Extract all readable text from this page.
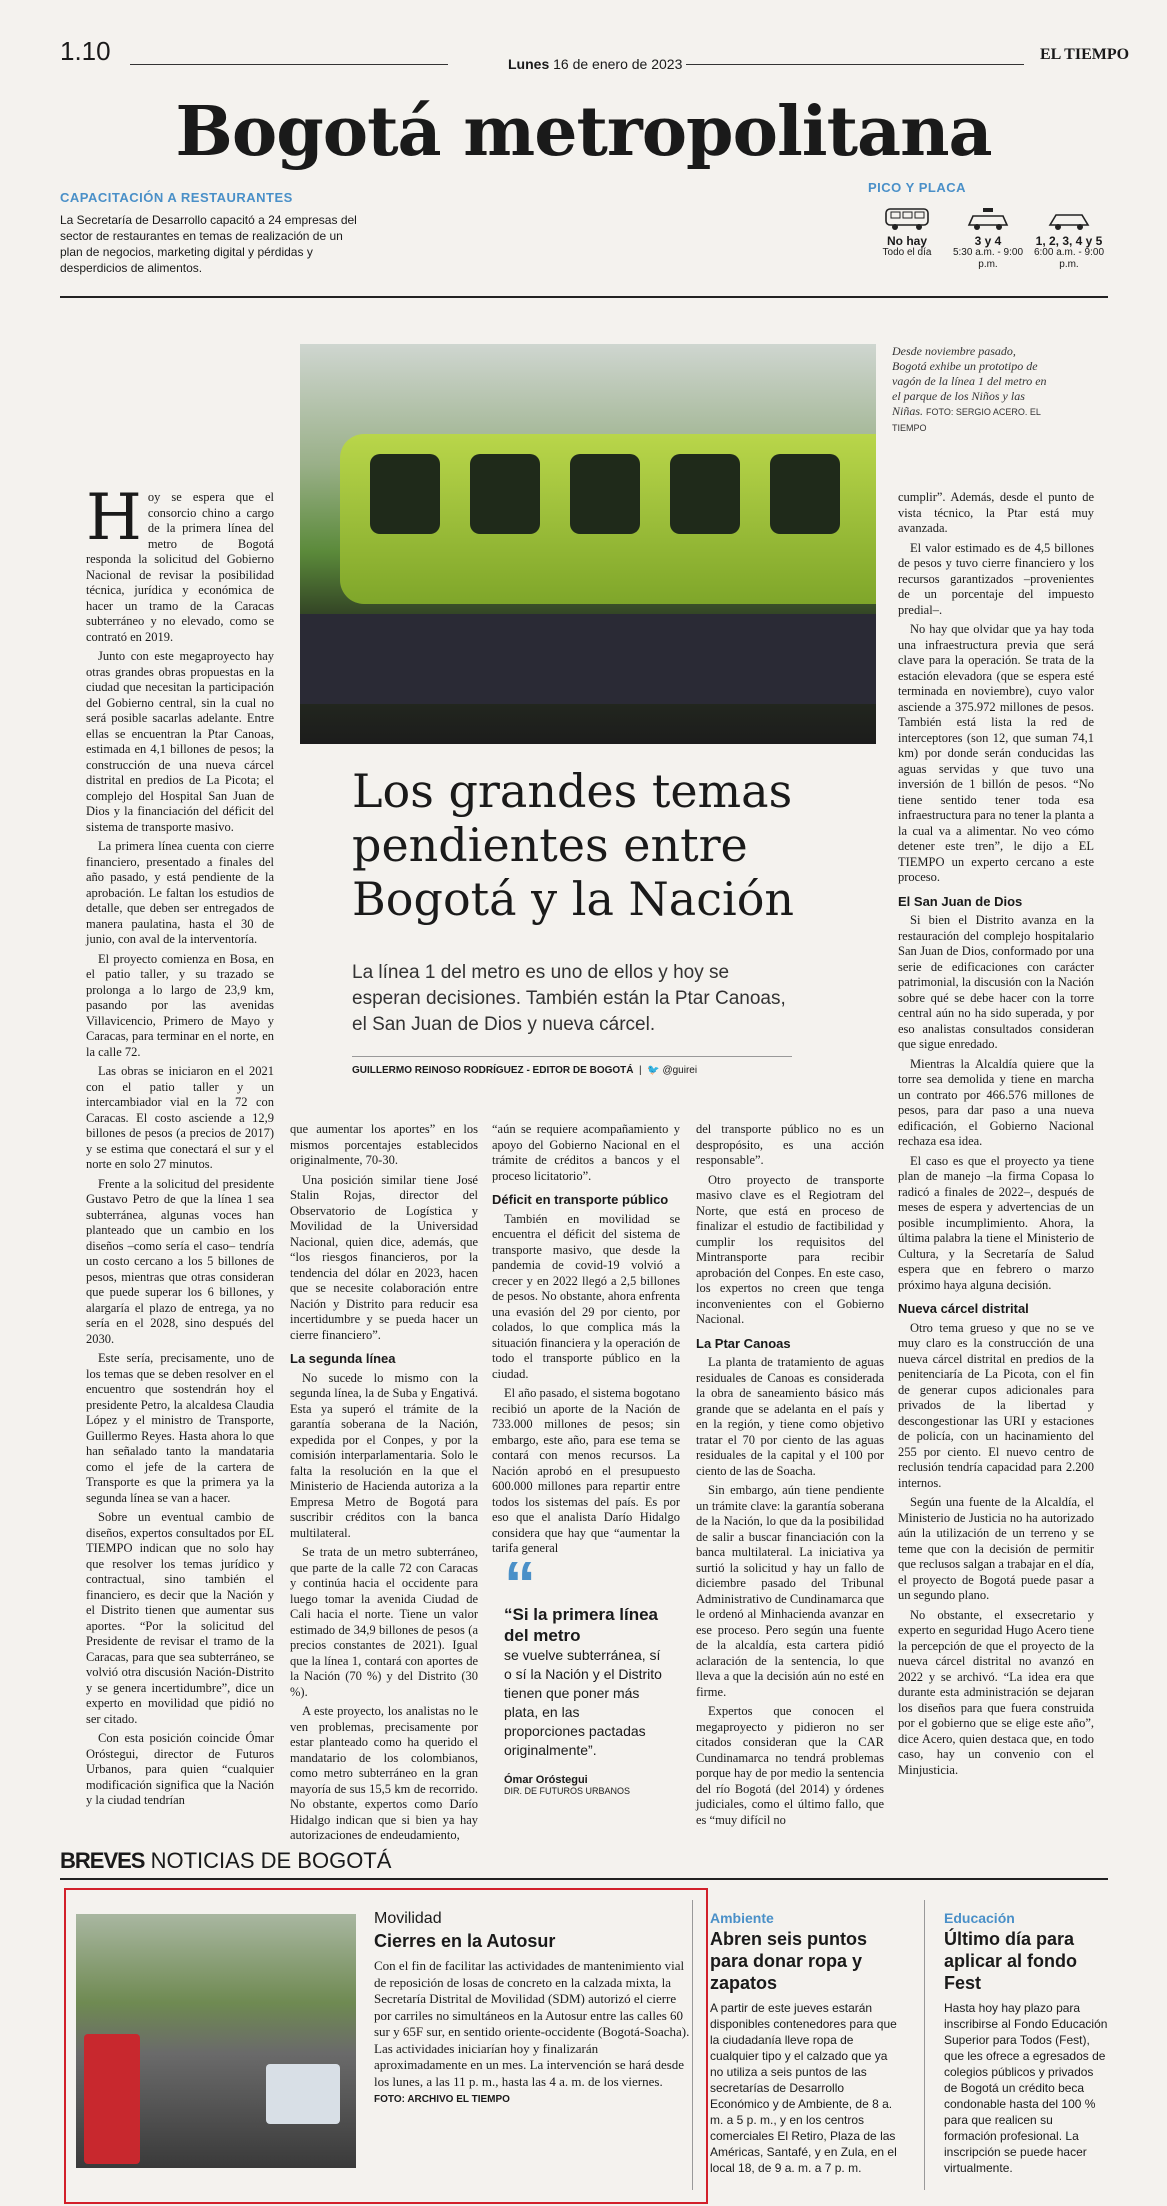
1.10	Lunes 16 de enero de 2023
EL TIEMPO
Bogotá metropolitana
CAPACITACIÓN A RESTAURANTES
La Secretaría de Desarrollo capacitó a 24 empresas del sector de restaurantes en temas de realización de un plan de negocios, marketing digital y pérdidas y desperdicios de alimentos.
PICO Y PLACA
No hay
Todo el día
3 y 4
5:30 a.m. - 9:00 p.m.
1, 2, 3, 4 y 5
6:00 a.m. - 9:00 p.m.
Desde noviembre pasado, Bogotá exhibe un prototipo de vagón de la línea 1 del metro en el parque de los Niños y las Niñas. FOTO: SERGIO ACERO. EL TIEMPO
Los grandes temas pendientes entre Bogotá y la Nación
La línea 1 del metro es uno de ellos y hoy se esperan decisiones. También están la Ptar Canoas, el San Juan de Dios y nueva cárcel.
GUILLERMO REINOSO RODRÍGUEZ - EDITOR DE BOGOTÁ  |  🐦 @guirei

Hoy se espera que el consorcio chino a cargo de la primera línea del metro de Bogotá responda la solicitud del Gobierno Nacional de revisar la posibilidad técnica, jurídica y económica de hacer un tramo de la Caracas subterráneo y no elevado, como se contrató en 2019.

Junto con este megaproyecto hay otras grandes obras propuestas en la ciudad que necesitan la participación del Gobierno central, sin la cual no será posible sacarlas adelante. Entre ellas se encuentran la Ptar Canoas, estimada en 4,1 billones de pesos; la construcción de una nueva cárcel distrital en predios de La Picota; el complejo del Hospital San Juan de Dios y la financiación del déficit del sistema de transporte masivo.

La primera línea cuenta con cierre financiero, presentado a finales del año pasado, y está pendiente de la aprobación. Le faltan los estudios de detalle, que deben ser entregados de manera paulatina, hasta el 30 de junio, con aval de la interventoría.

El proyecto comienza en Bosa, en el patio taller, y su trazado se prolonga a lo largo de 23,9 km, pasando por las avenidas Villavicencio, Primero de Mayo y Caracas, para terminar en el norte, en la calle 72.

Las obras se iniciaron en el 2021 con el patio taller y un intercambiador vial en la 72 con Caracas. El costo asciende a 12,9 billones de pesos (a precios de 2017) y se estima que conectará el sur y el norte en solo 27 minutos.

Frente a la solicitud del presidente Gustavo Petro de que la línea 1 sea subterránea, algunas voces han planteado que un cambio en los diseños –como sería el caso– tendría un costo cercano a los 5 billones de pesos, mientras que otras consideran que puede superar los 6 billones, y alargaría el plazo de entrega, ya no sería en el 2028, sino después del 2030.

Este sería, precisamente, uno de los temas que se deben resolver en el encuentro que sostendrán hoy el presidente Petro, la alcaldesa Claudia López y el ministro de Transporte, Guillermo Reyes. Hasta ahora lo que han señalado tanto la mandataria como el jefe de la cartera de Transporte es que la primera ya la segunda línea se van a hacer.

Sobre un eventual cambio de diseños, expertos consultados por EL TIEMPO indican que no solo hay que resolver los temas jurídico y contractual, sino también el financiero, es decir que la Nación y el Distrito tienen que aumentar sus aportes. “Por la solicitud del Presidente de revisar el tramo de la Caracas, para que sea subterráneo, se volvió otra discusión Nación-Distrito y se genera incertidumbre”, dice un experto en movilidad que pidió no ser citado.

Con esta posición coincide Ómar Oróstegui, director de Futuros Urbanos, para quien “cualquier modificación significa que la Nación y la ciudad tendrían

que aumentar los aportes” en los mismos porcentajes establecidos originalmente, 70-30.

Una posición similar tiene José Stalin Rojas, director del Observatorio de Logística y Movilidad de la Universidad Nacional, quien dice, además, que “los riesgos financieros, por la tendencia del dólar en 2023, hacen que se necesite colaboración entre Nación y Distrito para reducir esa incertidumbre y se pueda hacer un cierre financiero”.

La segunda línea

No sucede lo mismo con la segunda línea, la de Suba y Engativá. Esta ya superó el trámite de la garantía soberana de la Nación, expedida por el Conpes, y por la comisión interparlamentaria. Solo le falta la resolución en la que el Ministerio de Hacienda autoriza a la Empresa Metro de Bogotá para suscribir créditos con la banca multilateral.

Se trata de un metro subterráneo, que parte de la calle 72 con Caracas y continúa hacia el occidente para luego tomar la avenida Ciudad de Cali hacia el norte. Tiene un valor estimado de 34,9 billones de pesos (a precios constantes de 2021). Igual que la línea 1, contará con aportes de la Nación (70 %) y del Distrito (30 %).

A este proyecto, los analistas no le ven problemas, precisamente por estar planteado como ha querido el mandatario de los colombianos, como metro subterráneo en la gran mayoría de sus 15,5 km de recorrido. No obstante, expertos como Darío Hidalgo indican que si bien ya hay autorizaciones de endeudamiento,

“aún se requiere acompañamiento y apoyo del Gobierno Nacional en el trámite de créditos a bancos y el proceso licitatorio”.

Déficit en transporte público

También en movilidad se encuentra el déficit del sistema de transporte masivo, que desde la pandemia de covid-19 volvió a crecer y en 2022 llegó a 2,5 billones de pesos. No obstante, ahora enfrenta una evasión del 29 por ciento, por colados, lo que complica más la situación financiera y la operación de todo el transporte público en la ciudad.

El año pasado, el sistema bogotano recibió un aporte de la Nación de 733.000 millones de pesos; sin embargo, este año, para ese tema se contará con menos recursos. La Nación aprobó en el presupuesto 600.000 millones para repartir entre todos los sistemas del país. Es por eso que el analista Darío Hidalgo considera que hay que “aumentar la tarifa general

“
“Si la primera línea del metro
se vuelve subterránea, sí o sí la Nación y el Distrito tienen que poner más plata, en las proporciones pactadas originalmente”.
Ómar Oróstegui
DIR. DE FUTUROS URBANOS

del transporte público no es un despropósito, es una acción responsable”.

Otro proyecto de transporte masivo clave es el Regiotram del Norte, que está en proceso de finalizar el estudio de factibilidad y cumplir los requisitos del Mintransporte para recibir aprobación del Conpes. En este caso, los expertos no creen que tenga inconvenientes con el Gobierno Nacional.

La Ptar Canoas

La planta de tratamiento de aguas residuales de Canoas es considerada la obra de saneamiento básico más grande que se adelanta en el país y en la región, y tiene como objetivo tratar el 70 por ciento de las aguas residuales de la capital y el 100 por ciento de las de Soacha.

Sin embargo, aún tiene pendiente un trámite clave: la garantía soberana de la Nación, lo que da la posibilidad de salir a buscar financiación con la banca multilateral. La iniciativa ya surtió la solicitud y hay un fallo de diciembre pasado del Tribunal Administrativo de Cundinamarca que le ordenó al Minhacienda avanzar en ese proceso. Pero según una fuente de la alcaldía, esta cartera pidió aclaración de la sentencia, lo que lleva a que la decisión aún no esté en firme.

Expertos que conocen el megaproyecto y pidieron no ser citados consideran que la CAR Cundinamarca no tendrá problemas porque hay de por medio la sentencia del río Bogotá (del 2014) y órdenes judiciales, como el último fallo, que es “muy difícil no

cumplir”. Además, desde el punto de vista técnico, la Ptar está muy avanzada.

El valor estimado es de 4,5 billones de pesos y tuvo cierre financiero y los recursos garantizados –provenientes de un porcentaje del impuesto predial–.

No hay que olvidar que ya hay toda una infraestructura previa que será clave para la operación. Se trata de la estación elevadora (que se espera esté terminada en noviembre), cuyo valor asciende a 375.972 millones de pesos. También está lista la red de interceptores (son 12, que suman 74,1 km) por donde serán conducidas las aguas servidas y que tuvo una inversión de 1 billón de pesos. “No tiene sentido tener toda esa infraestructura para no tener la planta a la cual va a alimentar. No veo cómo detener este tren”, le dijo a EL TIEMPO un experto cercano a este proceso.

El San Juan de Dios

Si bien el Distrito avanza en la restauración del complejo hospitalario San Juan de Dios, conformado por una serie de edificaciones con carácter patrimonial, la discusión con la Nación sobre qué se debe hacer con la torre central aún no ha sido superada, y por eso analistas consultados consideran que sigue enredado.

Mientras la Alcaldía quiere que la torre sea demolida y tiene en marcha un contrato por 466.576 millones de pesos, para dar paso a una nueva edificación, el Gobierno Nacional rechaza esa idea.

El caso es que el proyecto ya tiene plan de manejo –la firma Copasa lo radicó a finales de 2022–, después de meses de espera y advertencias de un posible incumplimiento. Ahora, la última palabra la tiene el Ministerio de Cultura, y la Secretaría de Salud espera que en febrero o marzo próximo haya alguna decisión.

Nueva cárcel distrital

Otro tema grueso y que no se ve muy claro es la construcción de una nueva cárcel distrital en predios de la penitenciaría de La Picota, con el fin de generar cupos adicionales para privados de la libertad y descongestionar las URI y estaciones de policía, con un hacinamiento del 255 por ciento. El nuevo centro de reclusión tendría capacidad para 2.200 internos.

Según una fuente de la Alcaldía, el Ministerio de Justicia no ha autorizado aún la utilización de un terreno y se teme que con la decisión de permitir que reclusos salgan a trabajar en el día, el proyecto de Bogotá puede pasar a un segundo plano.

No obstante, el exsecretario y experto en seguridad Hugo Acero tiene la percepción de que el proyecto de la nueva cárcel distrital no avanzó en 2022 y se archivó. “La idea era que durante esta administración se dejaran los diseños para que fuera construida por el gobierno que se elige este año”, dice Acero, quien destaca que, en todo caso, hay un convenio con el Minjusticia.

BREVES NOTICIAS DE BOGOTÁ
Movilidad
Cierres en la Autosur
Con el fin de facilitar las actividades de mantenimiento vial de reposición de losas de concreto en la calzada mixta, la Secretaría Distrital de Movilidad (SDM) autorizó el cierre por carriles no simultáneos en la Autosur entre las calles 60 sur y 65F sur, en sentido oriente-occidente (Bogotá-Soacha). Las actividades iniciarían hoy y finalizarán aproximadamente en un mes. La intervención se hará desde los lunes, a las 11 p. m., hasta las 4 a. m. de los viernes. FOTO: ARCHIVO EL TIEMPO
Ambiente
Abren seis puntos para donar ropa y zapatos
A partir de este jueves estarán disponibles contenedores para que la ciudadanía lleve ropa de cualquier tipo y el calzado que ya no utiliza a seis puntos de las secretarías de Desarrollo Económico y de Ambiente, de 8 a. m. a 5 p. m., y en los centros comerciales El Retiro, Plaza de las Américas, Santafé, y en Zula, en el local 18, de 9 a. m. a 7 p. m.
Educación
Último día para aplicar al fondo Fest
Hasta hoy hay plazo para inscribirse al Fondo Educación Superior para Todos (Fest), que les ofrece a egresados de colegios públicos y privados de Bogotá un crédito beca condonable hasta del 100 % para que realicen su formación profesional. La inscripción se puede hacer virtualmente.
